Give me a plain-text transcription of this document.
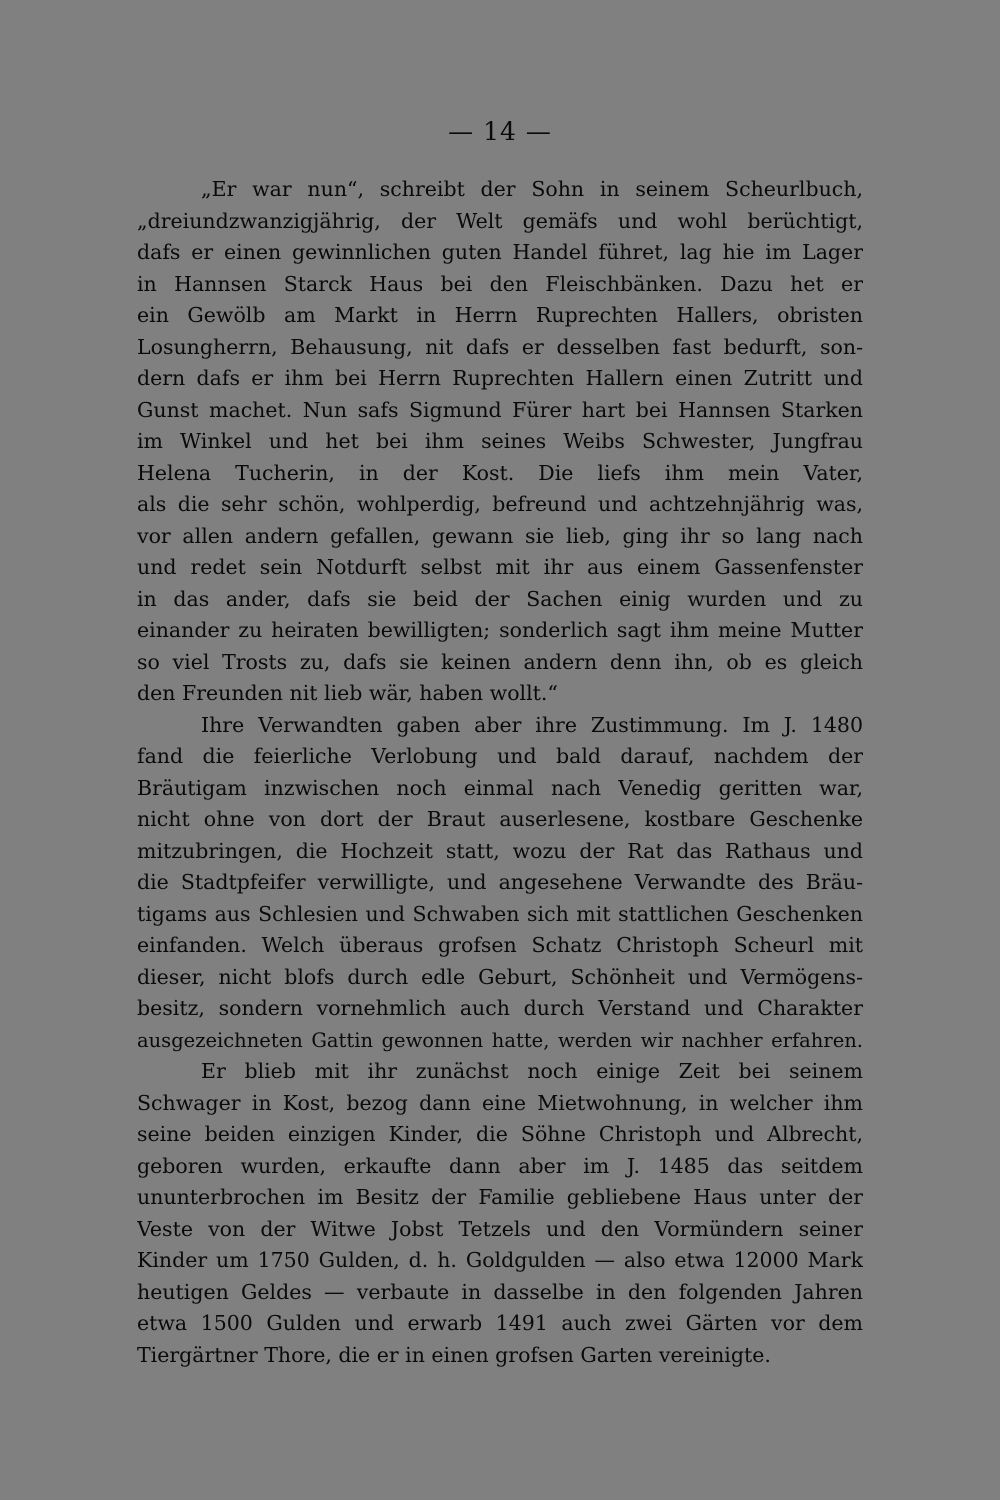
— 14 —
„Er war nun“, schreibt der Sohn in seinem Scheurlbuch,
„dreiundzwanzigjährig, der Welt gemäfs und wohl berüchtigt,
dafs er einen gewinnlichen guten Handel führet, lag hie im Lager
in Hannsen Starck Haus bei den Fleischbänken. Dazu het er
ein Gewölb am Markt in Herrn Ruprechten Hallers, obristen
Losungherrn, Behausung, nit dafs er desselben fast bedurft, son-
dern dafs er ihm bei Herrn Ruprechten Hallern einen Zutritt und
Gunst machet. Nun safs Sigmund Fürer hart bei Hannsen Starken
im Winkel und het bei ihm seines Weibs Schwester, Jungfrau
Helena Tucherin, in der Kost. Die liefs ihm mein Vater,
als die sehr schön, wohlperdig, befreund und achtzehnjährig was,
vor allen andern gefallen, gewann sie lieb, ging ihr so lang nach
und redet sein Notdurft selbst mit ihr aus einem Gassenfenster
in das ander, dafs sie beid der Sachen einig wurden und zu
einander zu heiraten bewilligten; sonderlich sagt ihm meine Mutter
so viel Trosts zu, dafs sie keinen andern denn ihn, ob es gleich
den Freunden nit lieb wär, haben wollt.“
Ihre Verwandten gaben aber ihre Zustimmung. Im J. 1480
fand die feierliche Verlobung und bald darauf, nachdem der
Bräutigam inzwischen noch einmal nach Venedig geritten war,
nicht ohne von dort der Braut auserlesene, kostbare Geschenke
mitzubringen, die Hochzeit statt, wozu der Rat das Rathaus und
die Stadtpfeifer verwilligte, und angesehene Verwandte des Bräu-
tigams aus Schlesien und Schwaben sich mit stattlichen Geschenken
einfanden. Welch überaus grofsen Schatz Christoph Scheurl mit
dieser, nicht blofs durch edle Geburt, Schönheit und Vermögens-
besitz, sondern vornehmlich auch durch Verstand und Charakter
ausgezeichneten Gattin gewonnen hatte, werden wir nachher erfahren.
Er blieb mit ihr zunächst noch einige Zeit bei seinem
Schwager in Kost, bezog dann eine Mietwohnung, in welcher ihm
seine beiden einzigen Kinder, die Söhne Christoph und Albrecht,
geboren wurden, erkaufte dann aber im J. 1485 das seitdem
ununterbrochen im Besitz der Familie gebliebene Haus unter der
Veste von der Witwe Jobst Tetzels und den Vormündern seiner
Kinder um 1750 Gulden, d. h. Goldgulden — also etwa 12000 Mark
heutigen Geldes — verbaute in dasselbe in den folgenden Jahren
etwa 1500 Gulden und erwarb 1491 auch zwei Gärten vor dem
Tiergärtner Thore, die er in einen grofsen Garten vereinigte.
